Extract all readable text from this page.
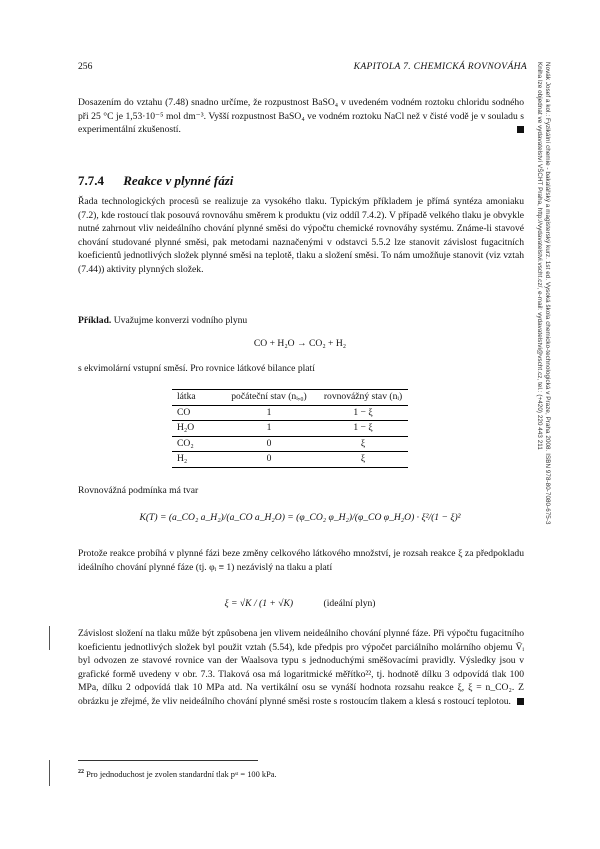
256	KAPITOLA 7. CHEMICKÁ ROVNOVÁHA	Novák Josef a kol.: Fyzikální chemie - bakalářský a magisterský kurz. 1st ed. Vysoká škola chemicko-technologická v Praze, Praha 2008. ISBN 978-80-7080-675-3
Kniha lze objednat ve vydavatelství VŠCHT Praha, http://vydavatelstvi.vscht.cz/, e-mail: vydavatelstvi@vscht.cz, tel.: (+420) 220 443 211
Dosazením do vztahu (7.48) snadno určíme, že rozpustnost BaSO₄ v uvedeném vodném roztoku chloridu sodného při 25 °C je 1,53·10⁻⁵ mol dm⁻³. Vyšší rozpustnost BaSO₄ ve vodném roztoku NaCl než v čisté vodě je v souladu s experimentální zkušeností.
7.7.4 Reakce v plynné fázi
Řada technologických procesů se realizuje za vysokého tlaku. Typickým příkladem je přímá syntéza amoniaku (7.2), kde rostoucí tlak posouvá rovnováhu směrem k produktu (viz oddíl 7.4.2). V případě velkého tlaku je obvykle nutné zahrnout vliv neideálního chování plynné směsi do výpočtu chemické rovnováhy systému. Známe-li stavové chování studované plynné směsi, pak metodami naznačenými v odstavci 5.5.2 lze stanovit závislost fugacitních koeficientů jednotlivých složek plynné směsi na teplotě, tlaku a složení směsi. To nám umožňuje stanovit (viz vztah (7.44)) aktivity plynných složek.
Příklad. Uvažujme konverzi vodního plynu
CO + H₂O → CO₂ + H₂
s ekvimolární vstupní směsí. Pro rovnice látkové bilance platí
látka	počáteční stav (nᵢ,₀)	rovnovážný stav (nᵢ)
CO	1	1 − ξ
H₂O	1	1 − ξ
CO₂	0	ξ
H₂	0	ξ
Rovnovážná podmínka má tvar
K(T) = (a_CO₂ a_H₂)/(a_CO a_H₂O) = (φ_CO₂ φ_H₂)/(φ_CO φ_H₂O) · ξ²/(1 − ξ)²
Protože reakce probíhá v plynné fázi beze změny celkového látkového množství, je rozsah reakce ξ za předpokladu ideálního chování plynné fáze (tj. φᵢ ≡ 1) nezávislý na tlaku a platí
ξ = √K / (1 + √K)	(ideální plyn)
Závislost složení na tlaku může být způsobena jen vlivem neideálního chování plynné fáze. Při výpočtu fugacitního koeficientu jednotlivých složek byl použit vztah (5.54), kde předpis pro výpočet parciálního molárního objemu V̄ᵢ byl odvozen ze stavové rovnice van der Waalsova typu s jednoduchými směšovacími pravidly. Výsledky jsou v grafické formě uvedeny v obr. 7.3. Tlaková osa má logaritmické měřítko²², tj. hodnotě dílku 3 odpovídá tlak 100 MPa, dílku 2 odpovídá tlak 10 MPa atd. Na vertikální osu se vynáší hodnota rozsahu reakce ξ, ξ = n_CO₂. Z obrázku je zřejmé, že vliv neideálního chování plynné směsi roste s rostoucím tlakem a klesá s rostoucí teplotou.
$^{22}$ Pro jednoduchost je zvolen standardní tlak pˢᵗ = 100 kPa.
